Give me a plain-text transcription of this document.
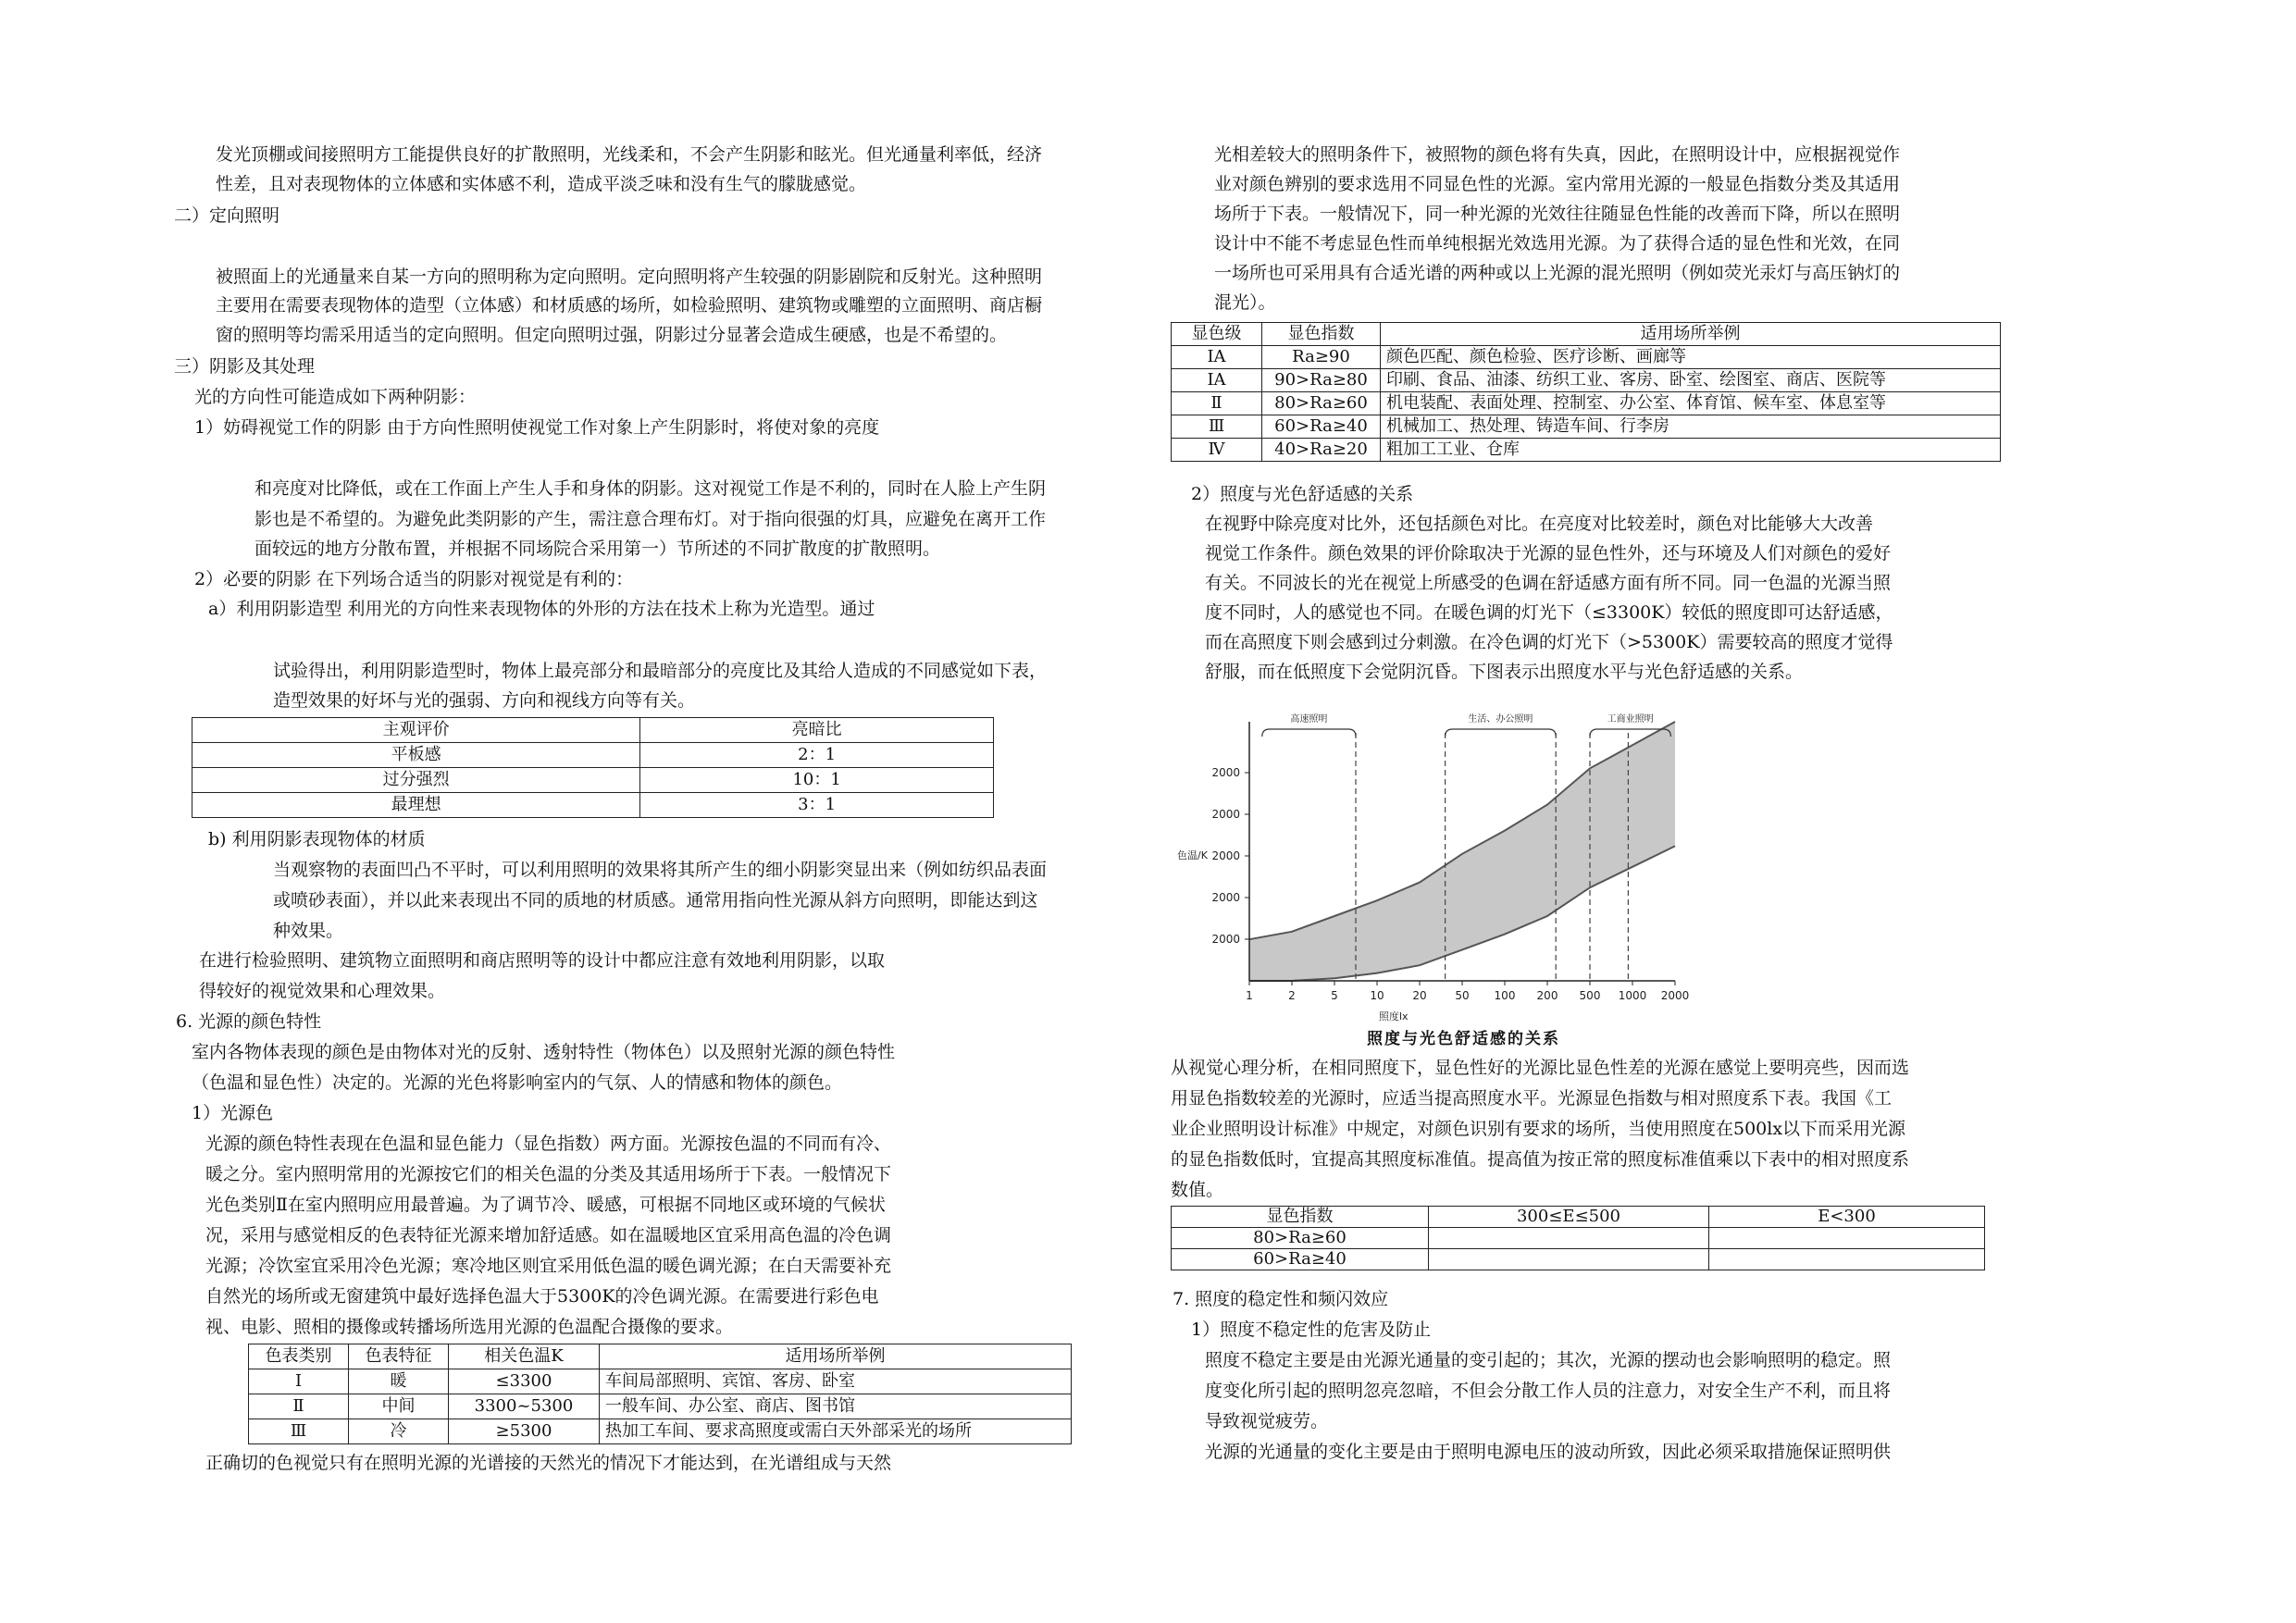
发光顶棚或间接照明方工能提供良好的扩散照明，光线柔和，不会产生阴影和眩光。但光通量利率低，经济
性差，且对表现物体的立体感和实体感不利，造成平淡乏味和没有生气的朦胧感觉。
二）定向照明
被照面上的光通量来自某一方向的照明称为定向照明。定向照明将产生较强的阴影剧院和反射光。这种照明
主要用在需要表现物体的造型（立体感）和材质感的场所，如检验照明、建筑物或雕塑的立面照明、商店橱
窗的照明等均需采用适当的定向照明。但定向照明过强，阴影过分显著会造成生硬感，也是不希望的。
三）阴影及其处理
光的方向性可能造成如下两种阴影：
1）妨碍视觉工作的阴影 由于方向性照明使视觉工作对象上产生阴影时，将使对象的亮度
和亮度对比降低，或在工作面上产生人手和身体的阴影。这对视觉工作是不利的，同时在人脸上产生阴
影也是不希望的。为避免此类阴影的产生，需注意合理布灯。对于指向很强的灯具，应避免在离开工作
面较远的地方分散布置，并根据不同场院合采用第一）节所述的不同扩散度的扩散照明。
2）必要的阴影 在下列场合适当的阴影对视觉是有利的：
a）利用阴影造型 利用光的方向性来表现物体的外形的方法在技术上称为光造型。通过
试验得出，利用阴影造型时，物体上最亮部分和最暗部分的亮度比及其给人造成的不同感觉如下表，
造型效果的好坏与光的强弱、方向和视线方向等有关。
主观评价	亮暗比
平板感	2：1
过分强烈	10：1
最理想	3：1
b) 利用阴影表现物体的材质
当观察物的表面凹凸不平时，可以利用照明的效果将其所产生的细小阴影突显出来（例如纺织品表面
或喷砂表面），并以此来表现出不同的质地的材质感。通常用指向性光源从斜方向照明，即能达到这
种效果。
在进行检验照明、建筑物立面照明和商店照明等的设计中都应注意有效地利用阴影，以取
得较好的视觉效果和心理效果。
6. 光源的颜色特性
室内各物体表现的颜色是由物体对光的反射、透射特性（物体色）以及照射光源的颜色特性
（色温和显色性）决定的。光源的光色将影响室内的气氛、人的情感和物体的颜色。
1）光源色
光源的颜色特性表现在色温和显色能力（显色指数）两方面。光源按色温的不同而有冷、
暖之分。室内照明常用的光源按它们的相关色温的分类及其适用场所于下表。一般情况下
光色类别Ⅱ在室内照明应用最普遍。为了调节冷、暖感，可根据不同地区或环境的气候状
况，采用与感觉相反的色表特征光源来增加舒适感。如在温暖地区宜采用高色温的冷色调
光源；冷饮室宜采用冷色光源；寒冷地区则宜采用低色温的暖色调光源；在白天需要补充
自然光的场所或无窗建筑中最好选择色温大于5300K的冷色调光源。在需要进行彩色电
视、电影、照相的摄像或转播场所选用光源的色温配合摄像的要求。
色表类别	色表特征	相关色温K	适用场所举例
Ⅰ	暖	≤3300	车间局部照明、宾馆、客房、卧室
Ⅱ	中间	3300~5300	一般车间、办公室、商店、图书馆
Ⅲ	冷	≥5300	热加工车间、要求高照度或需白天外部采光的场所
正确切的色视觉只有在照明光源的光谱接的天然光的情况下才能达到，在光谱组成与天然
光相差较大的照明条件下，被照物的颜色将有失真，因此，在照明设计中，应根据视觉作
业对颜色辨别的要求选用不同显色性的光源。室内常用光源的一般显色指数分类及其适用
场所于下表。一般情况下，同一种光源的光效往往随显色性能的改善而下降，所以在照明
设计中不能不考虑显色性而单纯根据光效选用光源。为了获得合适的显色性和光效，在同
一场所也可采用具有合适光谱的两种或以上光源的混光照明（例如荧光汞灯与高压钠灯的
混光）。
显色级	显色指数	适用场所举例
ⅠA	Ra≥90	颜色匹配、颜色检验、医疗诊断、画廊等
ⅠA	90>Ra≥80	印刷、食品、油漆、纺织工业、客房、卧室、绘图室、商店、医院等
Ⅱ	80>Ra≥60	机电装配、表面处理、控制室、办公室、体育馆、候车室、体息室等
Ⅲ	60>Ra≥40	机械加工、热处理、铸造车间、行李房
Ⅳ	40>Ra≥20	粗加工工业、仓库
2）照度与光色舒适感的关系
在视野中除亮度对比外，还包括颜色对比。在亮度对比较差时，颜色对比能够大大改善
视觉工作条件。颜色效果的评价除取决于光源的显色性外，还与环境及人们对颜色的爱好
有关。不同波长的光在视觉上所感受的色调在舒适感方面有所不同。同一色温的光源当照
度不同时，人的感觉也不同。在暖色调的灯光下（≤3300K）较低的照度即可达舒适感，
而在高照度下则会感到过分刺激。在冷色调的灯光下（>5300K）需要较高的照度才觉得
舒服，而在低照度下会觉阴沉昏。下图表示出照度水平与光色舒适感的关系。
高速照明	生活、办公照明	工商业照明
1	2	5	10	20	50 100 200 500 1000 2000
2000
2000
2000
2000
2000
色温/K
照度lx
照度与光色舒适感的关系
从视觉心理分析，在相同照度下，显色性好的光源比显色性差的光源在感觉上要明亮些，因而选
用显色指数较差的光源时，应适当提高照度水平。光源显色指数与相对照度系下表。我国《工
业企业照明设计标准》中规定，对颜色识别有要求的场所，当使用照度在500lx以下而采用光源
的显色指数低时，宜提高其照度标准值。提高值为按正常的照度标准值乘以下表中的相对照度系
数值。
显色指数	300≤E≤500	E<300
80>Ra≥60		
60>Ra≥40		
7. 照度的稳定性和频闪效应
1）照度不稳定性的危害及防止
照度不稳定主要是由光源光通量的变引起的；其次，光源的摆动也会影响照明的稳定。照
度变化所引起的照明忽亮忽暗，不但会分散工作人员的注意力，对安全生产不利，而且将
导致视觉疲劳。
光源的光通量的变化主要是由于照明电源电压的波动所致，因此必须采取措施保证照明供
